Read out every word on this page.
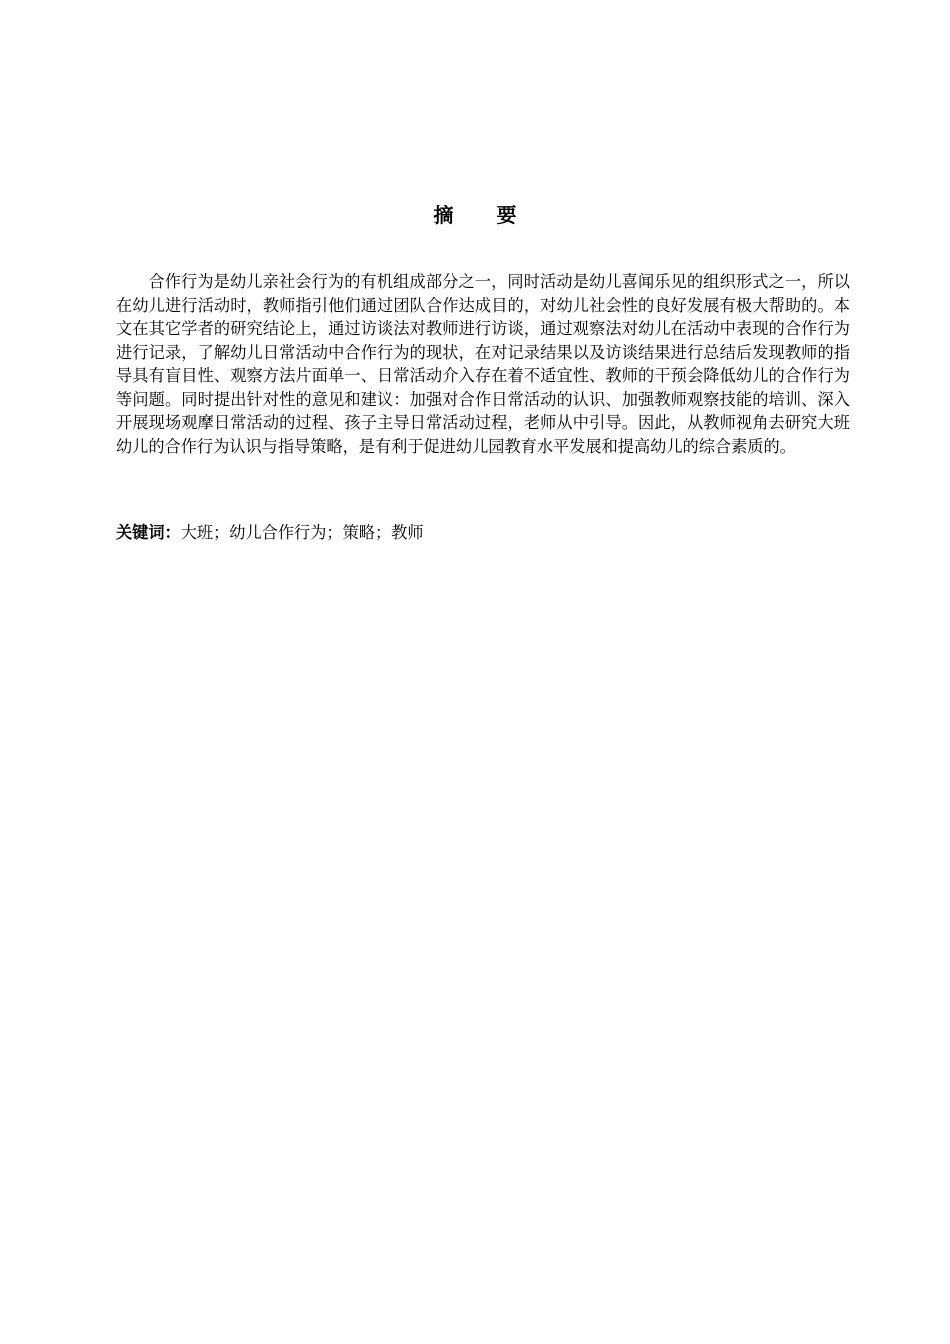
摘 要

合作行为是幼儿亲社会行为的有机组成部分之一，同时活动是幼儿喜闻乐见的组织形式之一，所以在幼儿进行活动时，教师指引他们通过团队合作达成目的，对幼儿社会性的良好发展有极大帮助的。本文在其它学者的研究结论上，通过访谈法对教师进行访谈，通过观察法对幼儿在活动中表现的合作行为进行记录，了解幼儿日常活动中合作行为的现状，在对记录结果以及访谈结果进行总结后发现教师的指导具有盲目性、观察方法片面单一、日常活动介入存在着不适宜性、教师的干预会降低幼儿的合作行为等问题。同时提出针对性的意见和建议：加强对合作日常活动的认识、加强教师观察技能的培训、深入开展现场观摩日常活动的过程、孩子主导日常活动过程，老师从中引导。因此，从教师视角去研究大班幼儿的合作行为认识与指导策略，是有利于促进幼儿园教育水平发展和提高幼儿的综合素质的。

关键词：大班；幼儿合作行为；策略；教师
